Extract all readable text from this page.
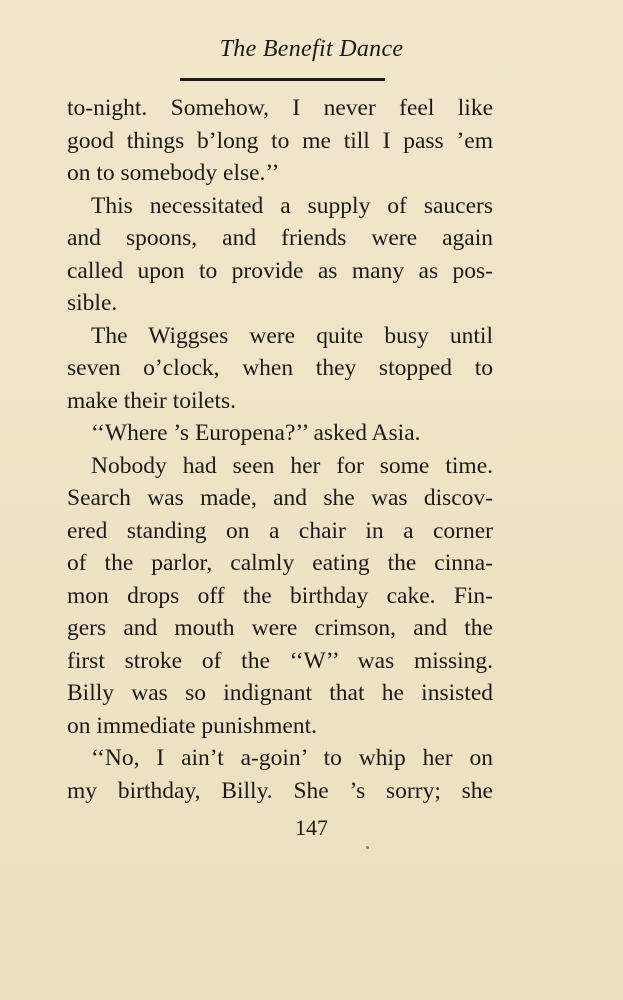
The Benefit Dance

to-night. Somehow, I never feel like
good things b’long to me till I pass ’em
on to somebody else.’’

This necessitated a supply of saucers
and spoons, and friends were again
called upon to provide as many as pos-
sible.

The Wiggses were quite busy until
seven o’clock, when they stopped to
make their toilets.

‘‘Where ’s Europena?’’ asked Asia.

Nobody had seen her for some time.
Search was made, and she was discov-
ered standing on a chair in a corner
of the parlor, calmly eating the cinna-
mon drops off the birthday cake. Fin-
gers and mouth were crimson, and the
first stroke of the ‘‘W’’ was missing.
Billy was so indignant that he insisted
on immediate punishment.

‘‘No, I ain’t a-goin’ to whip her on
my birthday, Billy. She ’s sorry; she

147
